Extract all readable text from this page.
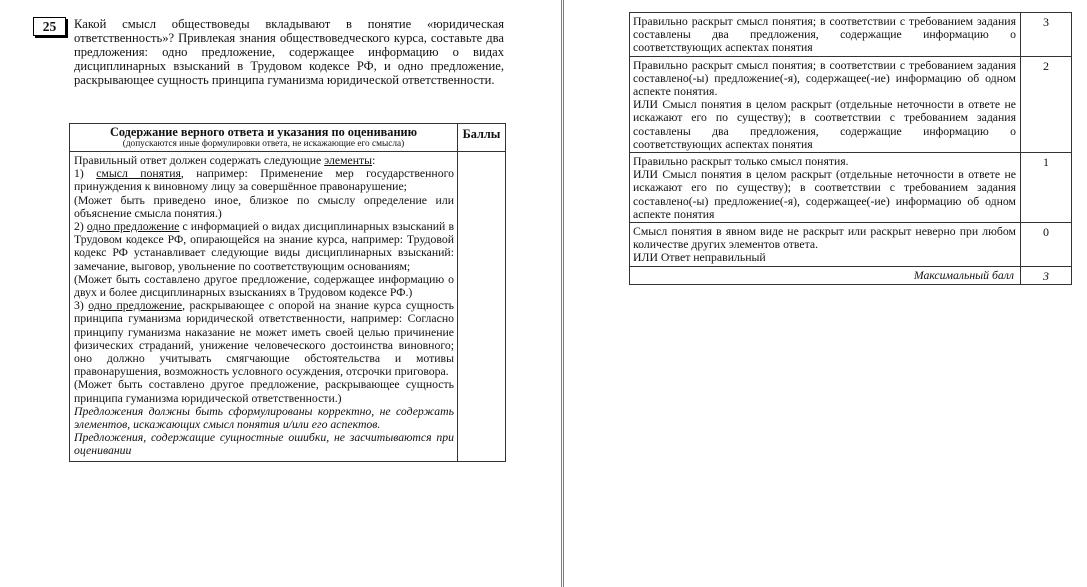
25	Какой смысл обществоведы вкладывают в понятие «юридическая ответственность»? Привлекая знания обществоведческого курса, составьте два предложения: одно предложение, содержащее информацию о видах дисциплинарных взысканий в Трудовом кодексе РФ, и одно предложение, раскрывающее сущность принципа гуманизма юридической ответственности.
Содержание верного ответа и указания по оцениванию
(допускаются иные формулировки ответа, не искажающие его смысла)
Баллы

Правильный ответ должен содержать следующие элементы:

1) смысл понятия, например: Применение мер государственного принуждения к виновному лицу за совершённое правонарушение;

(Может быть приведено иное, близкое по смыслу определение или объяснение смысла понятия.)

2) одно предложение с информацией о видах дисциплинарных взысканий в Трудовом кодексе РФ, опирающейся на знание курса, например: Трудовой кодекс РФ устанавливает следующие виды дисциплинарных взысканий: замечание, выговор, увольнение по соответствующим основаниям;

(Может быть составлено другое предложение, содержащее информацию о двух и более дисциплинарных взысканиях в Трудовом кодексе РФ.)

3) одно предложение, раскрывающее с опорой на знание курса сущность принципа гуманизма юридической ответственности, например: Согласно принципу гуманизма наказание не может иметь своей целью причинение физических страданий, унижение человеческого достоинства виновного; оно должно учитывать смягчающие обстоятельства и мотивы правонарушения, возможность условного осуждения, отсрочки приговора.

(Может быть составлено другое предложение, раскрывающее сущность принципа гуманизма юридической ответственности.)

Предложения должны быть сформулированы корректно, не содержать элементов, искажающих смысл понятия и/или его аспектов.

Предложения, содержащие сущностные ошибки, не засчитываются при оценивании

Правильно раскрыт смысл понятия; в соответствии с требованием задания составлены два предложения, содержащие информацию о соответствующих аспектах понятия
3
Правильно раскрыт смысл понятия; в соответствии с требованием задания составлено(-ы) предложение(-я), содержащее(-ие) информацию об одном аспекте понятия.
ИЛИ Смысл понятия в целом раскрыт (отдельные неточности в ответе не искажают его по существу); в соответствии с требованием задания составлены два предложения, содержащие информацию о соответствующих аспектах понятия
2
Правильно раскрыт только смысл понятия.
ИЛИ Смысл понятия в целом раскрыт (отдельные неточности в ответе не искажают его по существу); в соответствии с требованием задания составлено(-ы) предложение(-я), содержащее(-ие) информацию об одном аспекте понятия
1
Смысл понятия в явном виде не раскрыт или раскрыт неверно при любом количестве других элементов ответа.
ИЛИ Ответ неправильный
0
Максимальный балл	3
